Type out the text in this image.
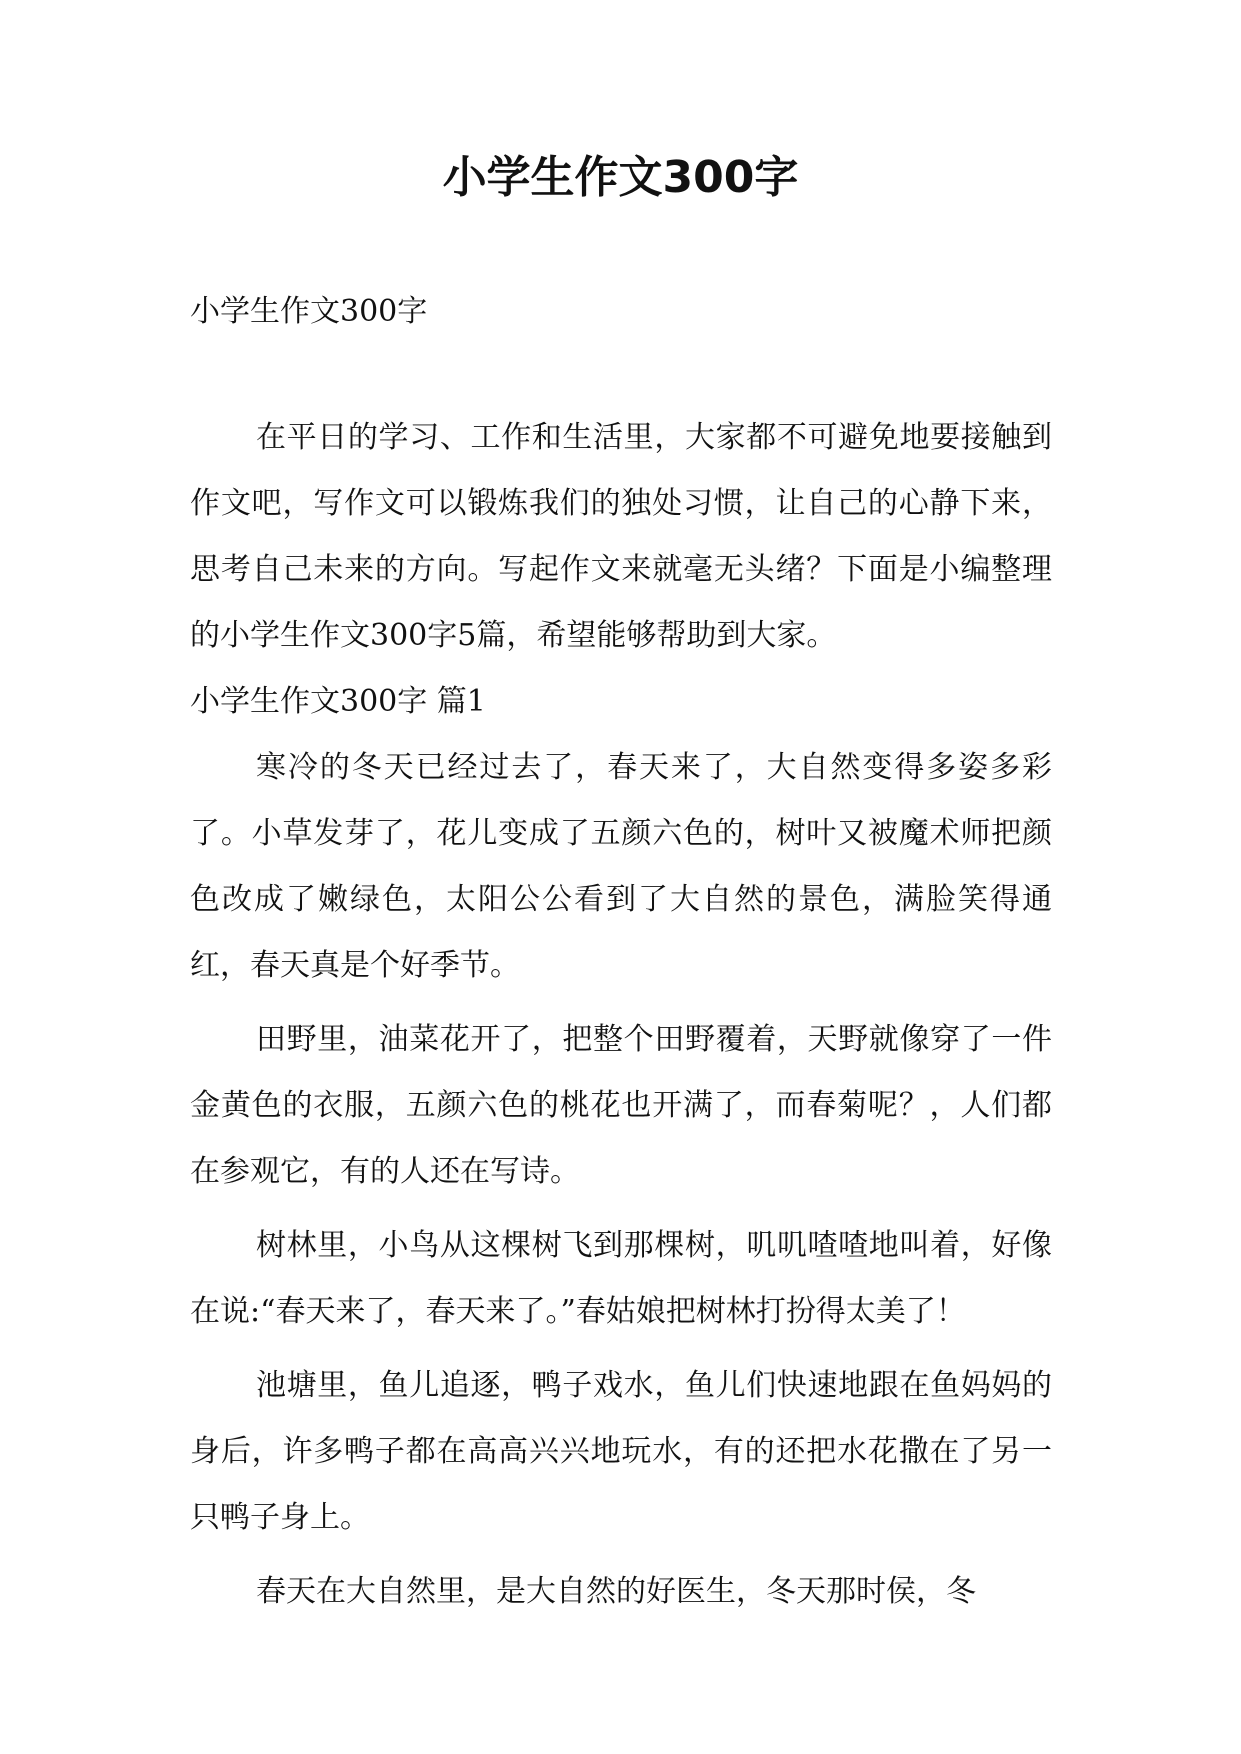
小学生作文300字

小学生作文300字

在平日的学习、工作和生活里，大家都不可避免地要接触到作文吧，写作文可以锻炼我们的独处习惯，让自己的心静下来，思考自己未来的方向。写起作文来就毫无头绪？下面是小编整理的小学生作文300字5篇，希望能够帮助到大家。

小学生作文300字 篇1

寒冷的冬天已经过去了，春天来了，大自然变得多姿多彩了。小草发芽了，花儿变成了五颜六色的，树叶又被魔术师把颜色改成了嫩绿色，太阳公公看到了大自然的景色，满脸笑得通红，春天真是个好季节。

田野里，油菜花开了，把整个田野覆着，天野就像穿了一件金黄色的衣服，五颜六色的桃花也开满了，而春菊呢？，人们都在参观它，有的人还在写诗。

树林里，小鸟从这棵树飞到那棵树，叽叽喳喳地叫着，好像在说:“春天来了，春天来了。”春姑娘把树林打扮得太美了！

池塘里，鱼儿追逐，鸭子戏水，鱼儿们快速地跟在鱼妈妈的身后，许多鸭子都在高高兴兴地玩水，有的还把水花撒在了另一只鸭子身上。

春天在大自然里，是大自然的好医生，冬天那时侯，冬
